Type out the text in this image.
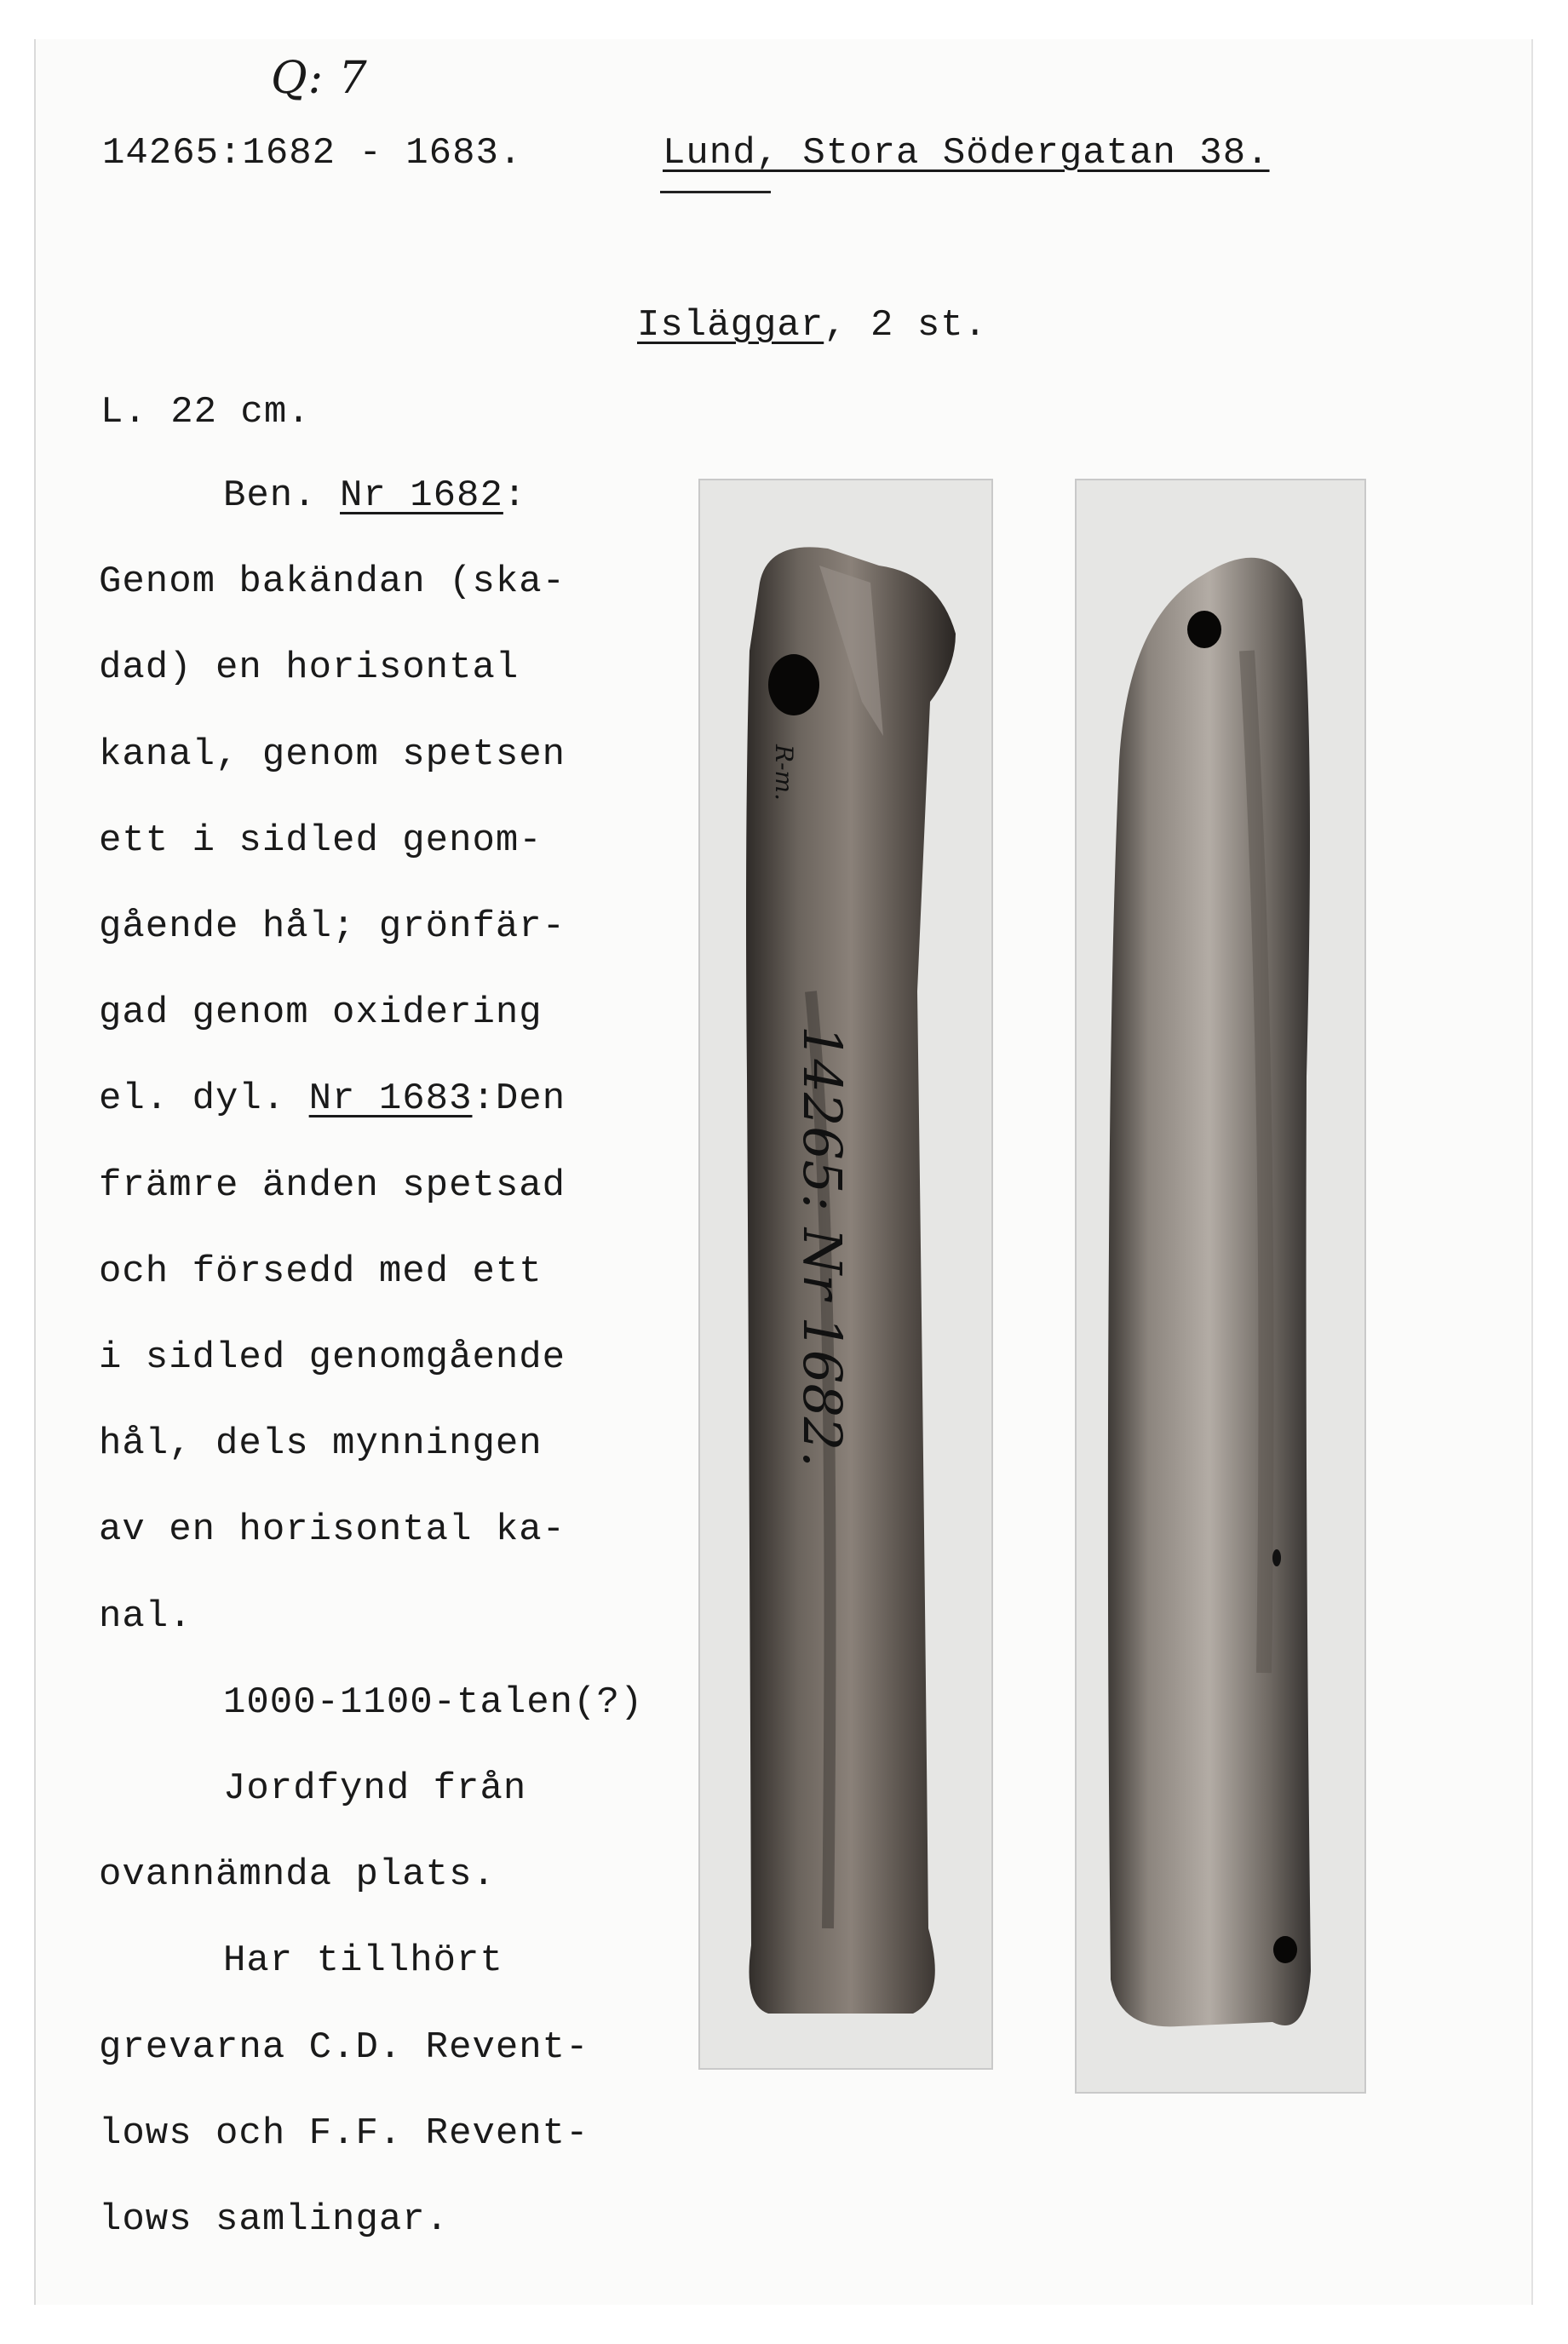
Q: 7
14265:1682 - 1683.	Lund, Stora Södergatan 38.
Isläggar, 2 st.
L. 22 cm.
Ben. Nr 1682:
Genom bakändan (ska-
dad) en horisontal
kanal, genom spetsen
ett i sidled genom-
gående hål; grönfär-
gad genom oxidering
el. dyl. Nr 1683:Den
främre änden spetsad
och försedd med ett
i sidled genomgående
hål, dels mynningen
av en horisontal ka-
nal.
1000-1100-talen(?)
Jordfynd från
ovannämnda plats.
Har tillhört
grevarna C.D. Revent-
lows och F.F. Revent-
lows samlingar.
R-m.
14265: Nr 1682.
